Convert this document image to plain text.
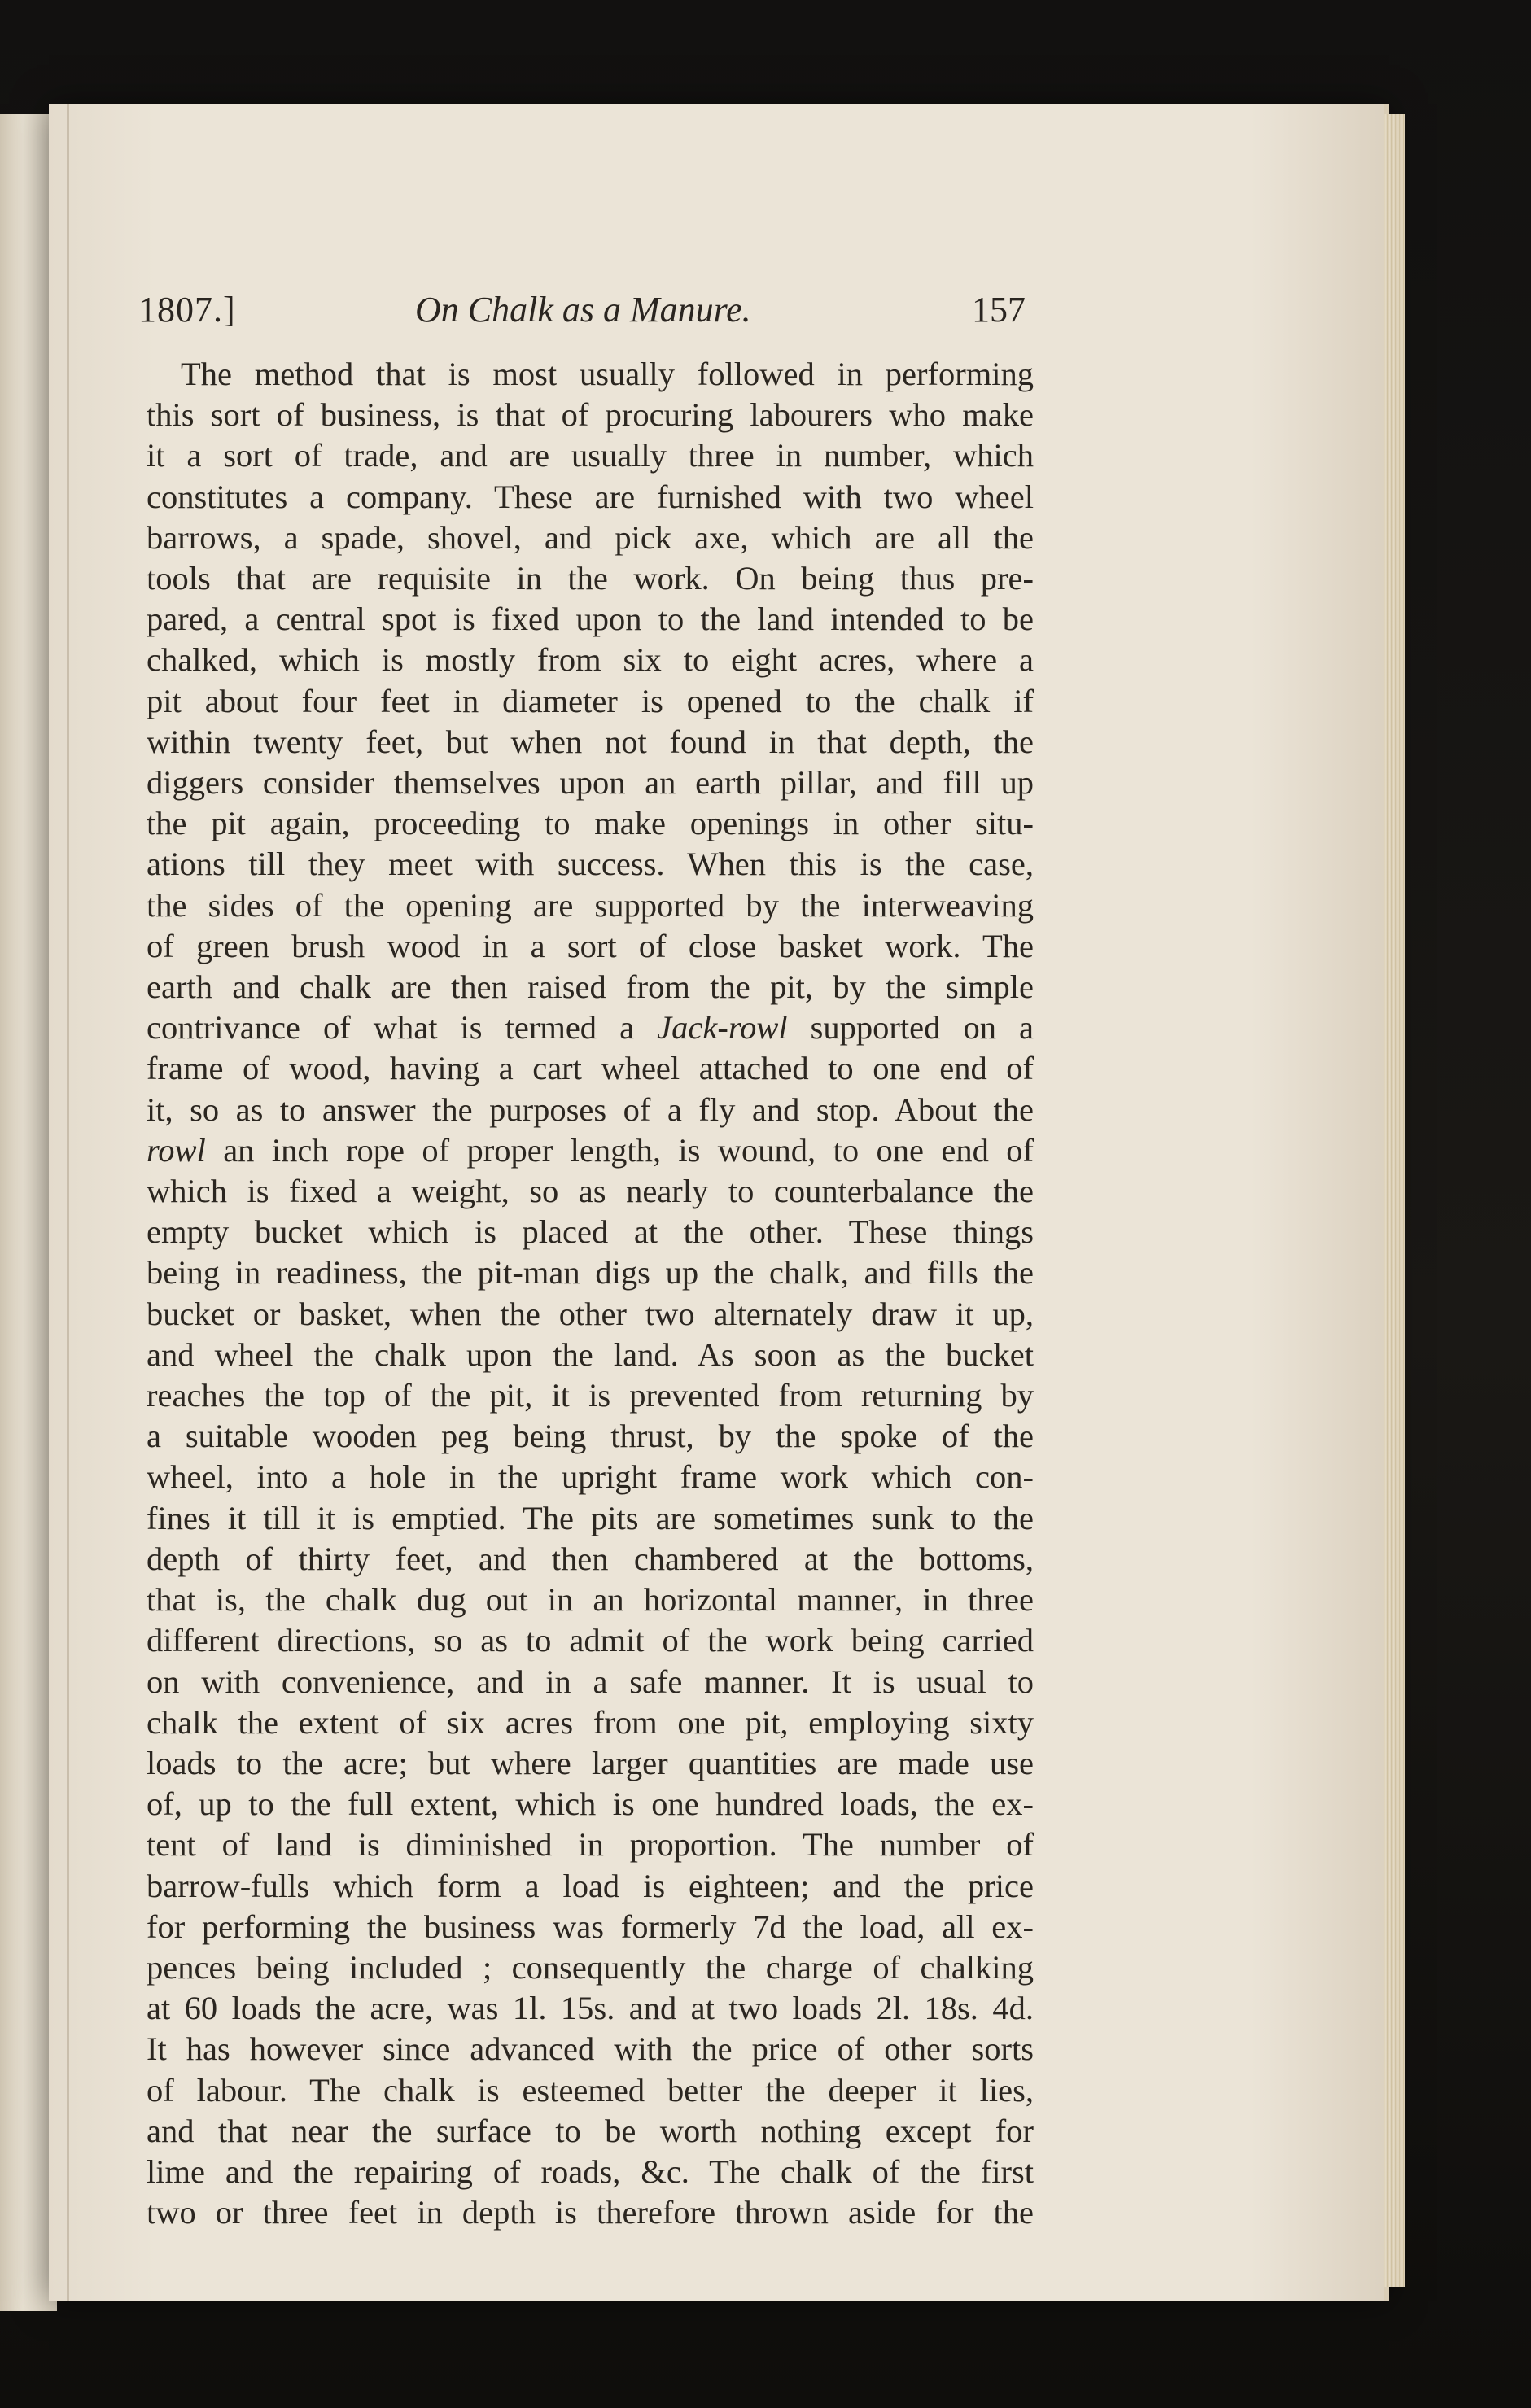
1807.]	On Chalk as a Manure.	157
The method that is most usually followed in performing
this sort of business, is that of procuring labourers who make
it a sort of trade, and are usually three in number, which
constitutes a company. These are furnished with two wheel
barrows, a spade, shovel, and pick axe, which are all the
tools that are requisite in the work. On being thus pre-
pared, a central spot is fixed upon to the land intended to be
chalked, which is mostly from six to eight acres, where a
pit about four feet in diameter is opened to the chalk if
within twenty feet, but when not found in that depth, the
diggers consider themselves upon an earth pillar, and fill up
the pit again, proceeding to make openings in other situ-
ations till they meet with success. When this is the case,
the sides of the opening are supported by the interweaving
of green brush wood in a sort of close basket work. The
earth and chalk are then raised from the pit, by the simple
contrivance of what is termed a Jack-rowl supported on a
frame of wood, having a cart wheel attached to one end of
it, so as to answer the purposes of a fly and stop. About the
rowl an inch rope of proper length, is wound, to one end of
which is fixed a weight, so as nearly to counterbalance the
empty bucket which is placed at the other. These things
being in readiness, the pit-man digs up the chalk, and fills the
bucket or basket, when the other two alternately draw it up,
and wheel the chalk upon the land. As soon as the bucket
reaches the top of the pit, it is prevented from returning by
a suitable wooden peg being thrust, by the spoke of the
wheel, into a hole in the upright frame work which con-
fines it till it is emptied. The pits are sometimes sunk to the
depth of thirty feet, and then chambered at the bottoms,
that is, the chalk dug out in an horizontal manner, in three
different directions, so as to admit of the work being carried
on with convenience, and in a safe manner. It is usual to
chalk the extent of six acres from one pit, employing sixty
loads to the acre; but where larger quantities are made use
of, up to the full extent, which is one hundred loads, the ex-
tent of land is diminished in proportion. The number of
barrow-fulls which form a load is eighteen; and the price
for performing the business was formerly 7d the load, all ex-
pences being included ; consequently the charge of chalking
at 60 loads the acre, was 1l. 15s. and at two loads 2l. 18s. 4d.
It has however since advanced with the price of other sorts
of labour. The chalk is esteemed better the deeper it lies,
and that near the surface to be worth nothing except for
lime and the repairing of roads, &c. The chalk of the first
two or three feet in depth is therefore thrown aside for the
